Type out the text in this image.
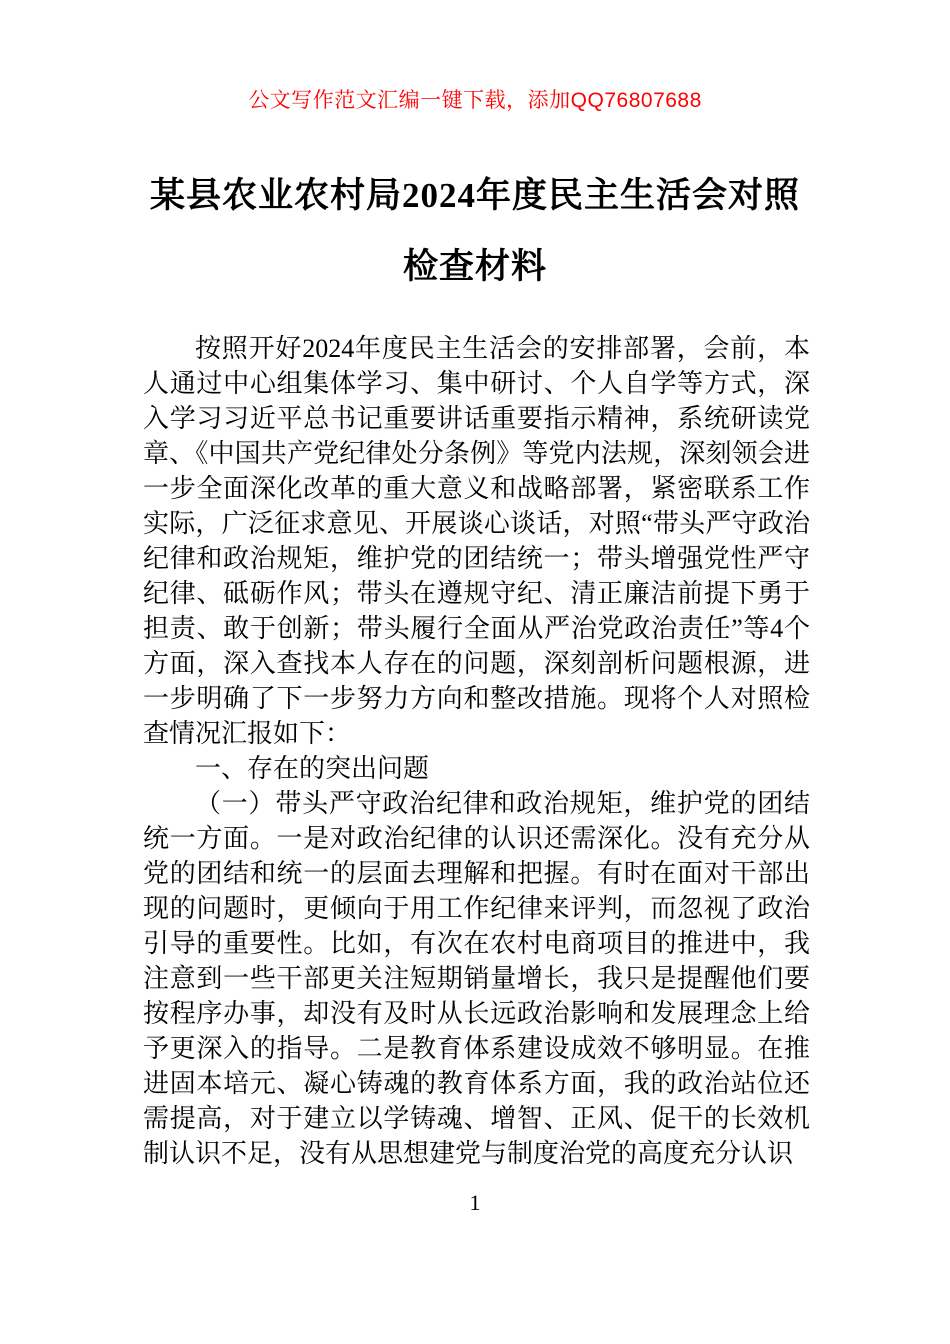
公文写作范文汇编一键下载，添加QQ76807688
某县农业农村局2024年度民主生活会对照
检查材料

按照开好2024年度民主生活会的安排部署，会前，本人通过中心组集体学习、集中研讨、个人自学等方式，深入学习习近平总书记重要讲话重要指示精神，系统研读党章、《中国共产党纪律处分条例》等党内法规，深刻领会进一步全面深化改革的重大意义和战略部署，紧密联系工作实际，广泛征求意见、开展谈心谈话，对照“带头严守政治纪律和政治规矩，维护党的团结统一；带头增强党性严守纪律、砥砺作风；带头在遵规守纪、清正廉洁前提下勇于担责、敢于创新；带头履行全面从严治党政治责任”等4个方面，深入查找本人存在的问题，深刻剖析问题根源，进一步明确了下一步努力方向和整改措施。现将个人对照检查情况汇报如下：

一、存在的突出问题

（一）带头严守政治纪律和政治规矩，维护党的团结统一方面。一是对政治纪律的认识还需深化。没有充分从党的团结和统一的层面去理解和把握。有时在面对干部出现的问题时，更倾向于用工作纪律来评判，而忽视了政治引导的重要性。比如，有次在农村电商项目的推进中，我注意到一些干部更关注短期销量增长，我只是提醒他们要按程序办事，却没有及时从长远政治影响和发展理念上给予更深入的指导。二是教育体系建设成效不够明显。在推进固本培元、凝心铸魂的教育体系方面，我的政治站位还需提高，对于建立以学铸魂、增智、正风、促干的长效机制认识不足，没有从思想建党与制度治党的高度充分认识

1
